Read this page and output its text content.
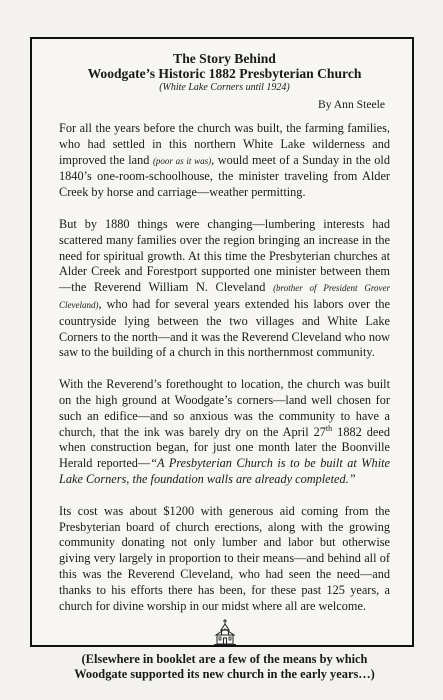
The Story Behind
Woodgate’s Historic 1882 Presbyterian Church
(White Lake Corners until 1924)
By Ann Steele

For all the years before the church was built, the farming families, who had settled in this northern White Lake wilderness and improved the land (poor as it was), would meet of a Sunday in the old 1840’s one-room-schoolhouse, the minister traveling from Alder Creek by horse and carriage—weather permitting.

But by 1880 things were changing—lumbering interests had scattered many families over the region bringing an increase in the need for spiritual growth. At this time the Presbyterian churches at Alder Creek and Forestport supported one minister between them—the Reverend William N. Cleveland (brother of President Grover Cleveland), who had for several years extended his labors over the countryside lying between the two villages and White Lake Corners to the north—and it was the Reverend Cleveland who now saw to the building of a church in this northernmost community.

With the Reverend’s forethought to location, the church was built on the high ground at Woodgate’s corners—land well chosen for such an edifice—and so anxious was the community to have a church, that the ink was barely dry on the April 27th 1882 deed when construction began, for just one month later the Boonville Herald reported—“A Presbyterian Church is to be built at White Lake Corners, the foundation walls are already completed.”

Its cost was about $1200 with generous aid coming from the Presbyterian board of church erections, along with the growing community donating not only lumber and labor but otherwise giving very largely in proportion to their means—and behind all of this was the Reverend Cleveland, who had seen the need—and thanks to his efforts there has been, for these past 125 years, a church for divine worship in our midst where all are welcome.

(Elsewhere in booklet are a few of the means by which Woodgate supported its new church in the early years…)
